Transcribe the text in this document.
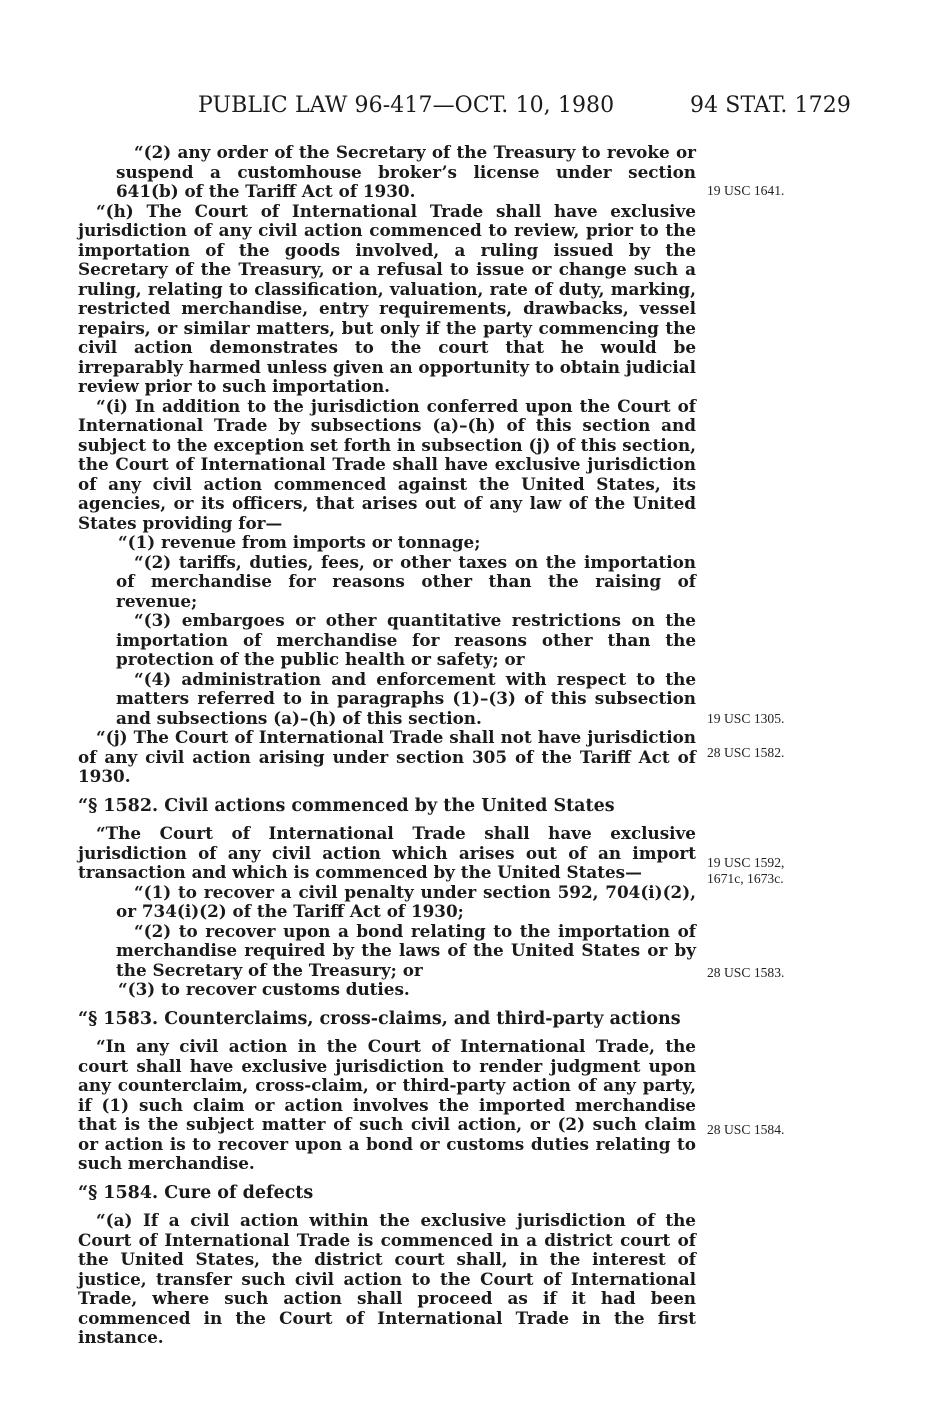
PUBLIC LAW 96-417—OCT. 10, 1980	94 STAT. 1729

“(2) any order of the Secretary of the Treasury to revoke or suspend a customhouse broker’s license under section 641(b) of the Tariff Act of 1930.

“(h) The Court of International Trade shall have exclusive jurisdiction of any civil action commenced to review, prior to the importation of the goods involved, a ruling issued by the Secretary of the Treasury, or a refusal to issue or change such a ruling, relating to classification, valuation, rate of duty, marking, restricted merchandise, entry requirements, drawbacks, vessel repairs, or similar matters, but only if the party commencing the civil action demonstrates to the court that he would be irreparably harmed unless given an opportunity to obtain judicial review prior to such importation.

“(i) In addition to the jurisdiction conferred upon the Court of International Trade by subsections (a)–(h) of this section and subject to the exception set forth in subsection (j) of this section, the Court of International Trade shall have exclusive jurisdiction of any civil action commenced against the United States, its agencies, or its officers, that arises out of any law of the United States providing for—

“(1) revenue from imports or tonnage;

“(2) tariffs, duties, fees, or other taxes on the importation of merchandise for reasons other than the raising of revenue;

“(3) embargoes or other quantitative restrictions on the importation of merchandise for reasons other than the protection of the public health or safety; or

“(4) administration and enforcement with respect to the matters referred to in paragraphs (1)–(3) of this subsection and subsections (a)–(h) of this section.

“(j) The Court of International Trade shall not have jurisdiction of any civil action arising under section 305 of the Tariff Act of 1930.

“§ 1582. Civil actions commenced by the United States

“The Court of International Trade shall have exclusive jurisdiction of any civil action which arises out of an import transaction and which is commenced by the United States—

“(1) to recover a civil penalty under section 592, 704(i)(2), or 734(i)(2) of the Tariff Act of 1930;

“(2) to recover upon a bond relating to the importation of merchandise required by the laws of the United States or by the Secretary of the Treasury; or

“(3) to recover customs duties.

“§ 1583. Counterclaims, cross-claims, and third-party actions

“In any civil action in the Court of International Trade, the court shall have exclusive jurisdiction to render judgment upon any counterclaim, cross-claim, or third-party action of any party, if (1) such claim or action involves the imported merchandise that is the subject matter of such civil action, or (2) such claim or action is to recover upon a bond or customs duties relating to such merchandise.

“§ 1584. Cure of defects

“(a) If a civil action within the exclusive jurisdiction of the Court of International Trade is commenced in a district court of the United States, the district court shall, in the interest of justice, transfer such civil action to the Court of International Trade, where such action shall proceed as if it had been commenced in the Court of International Trade in the first instance.

19 USC 1641.
19 USC 1305.
28 USC 1582.
19 USC 1592, 1671c, 1673c.
28 USC 1583.
28 USC 1584.
